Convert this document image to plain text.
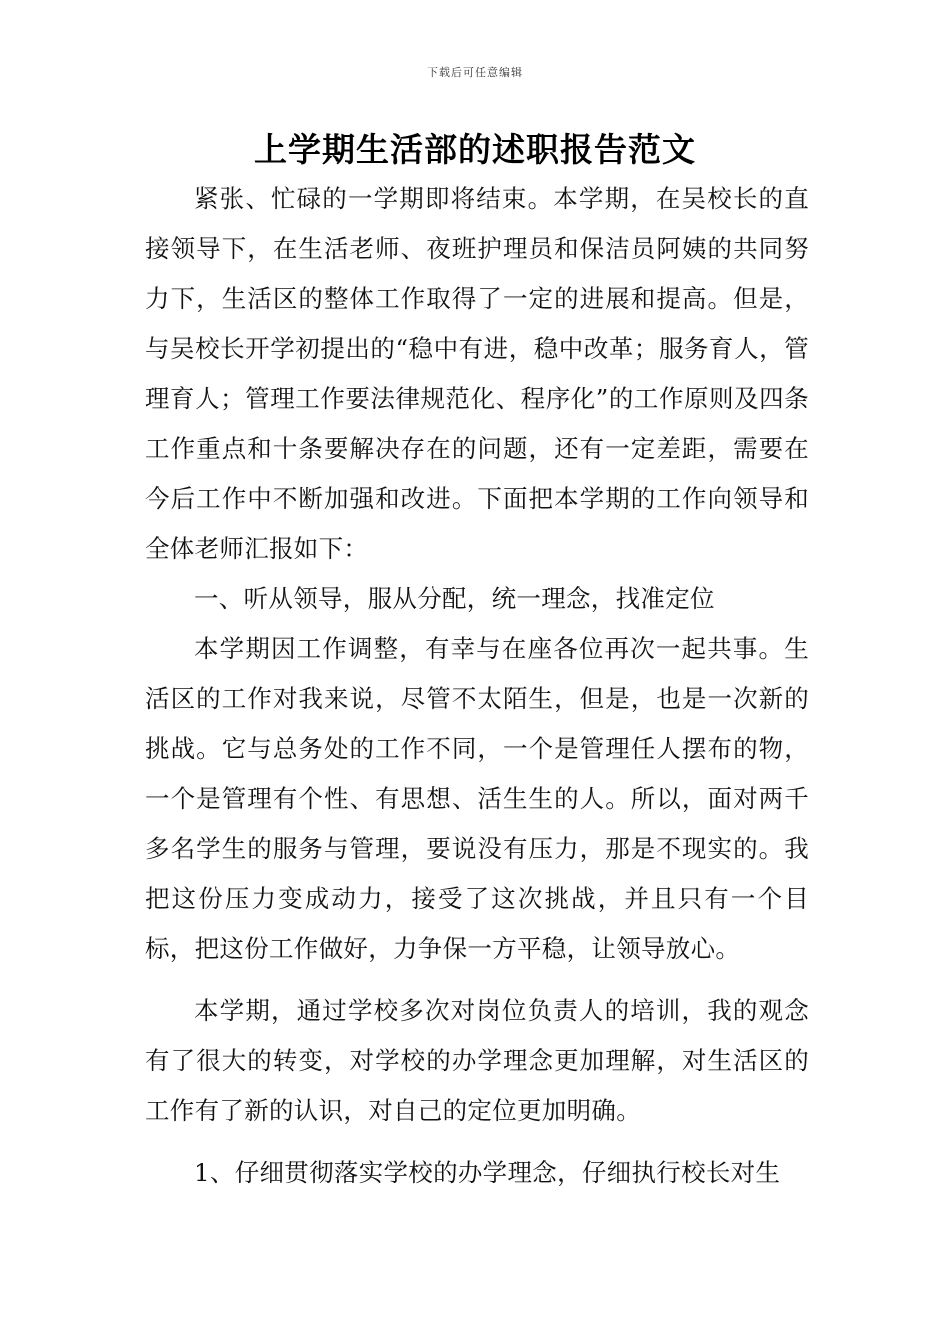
下载后可任意编辑
上学期生活部的述职报告范文

紧张、忙碌的一学期即将结束。本学期，在吴校长的直接领导下，在生活老师、夜班护理员和保洁员阿姨的共同努力下，生活区的整体工作取得了一定的进展和提高。但是，与吴校长开学初提出的“稳中有进，稳中改革；服务育人，管理育人；管理工作要法律规范化、程序化”的工作原则及四条工作重点和十条要解决存在的问题，还有一定差距，需要在今后工作中不断加强和改进。下面把本学期的工作向领导和全体老师汇报如下：

一、听从领导，服从分配，统一理念，找准定位

本学期因工作调整，有幸与在座各位再次一起共事。生活区的工作对我来说，尽管不太陌生，但是，也是一次新的挑战。它与总务处的工作不同，一个是管理任人摆布的物，一个是管理有个性、有思想、活生生的人。所以，面对两千多名学生的服务与管理，要说没有压力，那是不现实的。我把这份压力变成动力，接受了这次挑战，并且只有一个目标，把这份工作做好，力争保一方平稳，让领导放心。

本学期，通过学校多次对岗位负责人的培训，我的观念有了很大的转变，对学校的办学理念更加理解，对生活区的工作有了新的认识，对自己的定位更加明确。

1、仔细贯彻落实学校的办学理念，仔细执行校长对生
